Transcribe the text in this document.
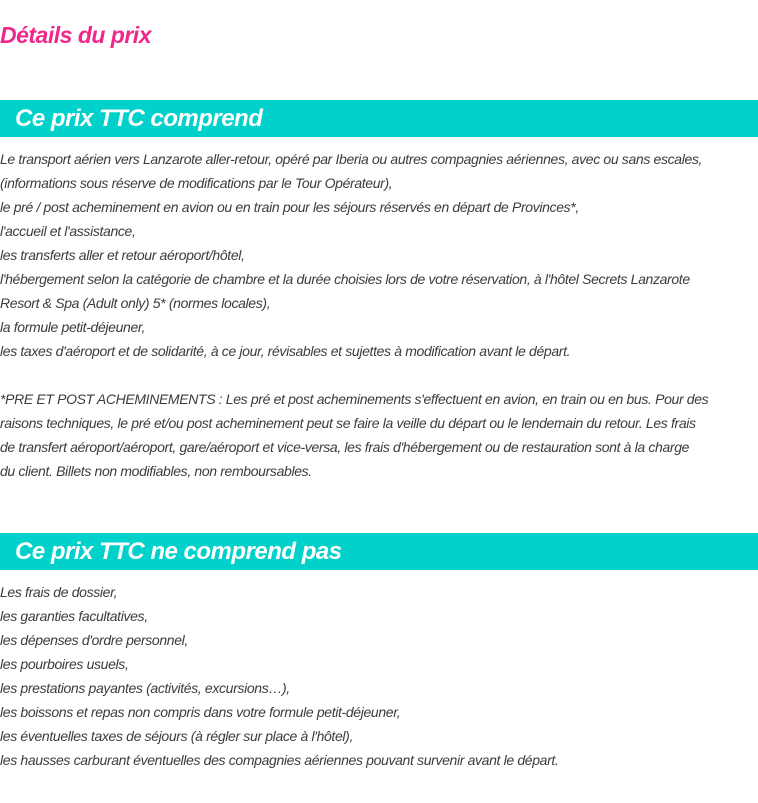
Détails du prix
Ce prix TTC comprend
Le transport aérien vers Lanzarote aller-retour, opéré par Iberia ou autres compagnies aériennes, avec ou sans escales,
(informations sous réserve de modifications par le Tour Opérateur),
le pré / post acheminement en avion ou en train pour les séjours réservés en départ de Provinces*,
l'accueil et l'assistance,
les transferts aller et retour aéroport/hôtel,
l'hébergement selon la catégorie de chambre et la durée choisies lors de votre réservation, à l'hôtel Secrets Lanzarote
Resort & Spa (Adult only) 5* (normes locales),
la formule petit-déjeuner,
les taxes d'aéroport et de solidarité, à ce jour, révisables et sujettes à modification avant le départ.
*PRE ET POST ACHEMINEMENTS : Les pré et post acheminements s'effectuent en avion, en train ou en bus. Pour des
raisons techniques, le pré et/ou post acheminement peut se faire la veille du départ ou le lendemain du retour. Les frais
de transfert aéroport/aéroport, gare/aéroport et vice-versa, les frais d'hébergement ou de restauration sont à la charge
du client. Billets non modifiables, non remboursables.
Ce prix TTC ne comprend pas
Les frais de dossier,
les garanties facultatives,
les dépenses d'ordre personnel,
les pourboires usuels,
les prestations payantes (activités, excursions…),
les boissons et repas non compris dans votre formule petit-déjeuner,
les éventuelles taxes de séjours (à régler sur place à l'hôtel),
les hausses carburant éventuelles des compagnies aériennes pouvant survenir avant le départ.
